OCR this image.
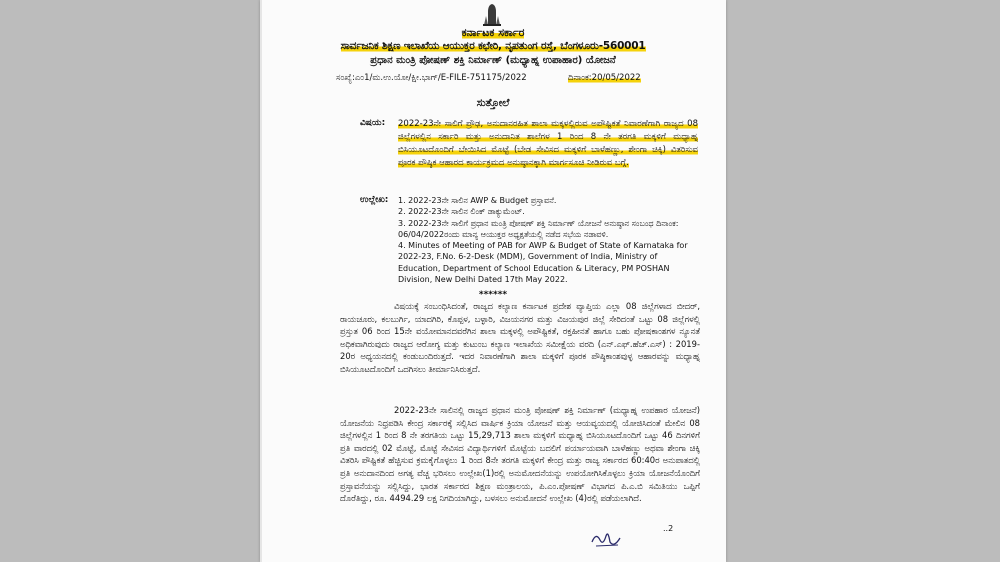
ಕರ್ನಾಟಕ ಸರ್ಕಾರ
ಸಾರ್ವಜನಿಕ ಶಿಕ್ಷಣ ಇಲಾಖೆಯ ಆಯುಕ್ತರ ಕಛೇರಿ, ನೃಪತುಂಗ ರಸ್ತೆ, ಬೆಂಗಳೂರು-560001
ಪ್ರಧಾನ ಮಂತ್ರಿ ಪೋಷಣ್ ಶಕ್ತಿ ನಿರ್ಮಾಣ್ (ಮಧ್ಯಾಹ್ನ ಉಪಾಹಾರ) ಯೋಜನೆ
ಸಂಖ್ಯೆ:ಎಂ1/ಮ.ಉ.ಯೋ/ಕ್ಷೀ.ಭಾಗ್/E-FILE-751175/2022	ದಿನಾಂಕ:20/05/2022
ಸುತ್ತೋಲೆ
ವಿಷಯ: 2022-23ನೇ ಸಾಲಿಗೆ ಪ್ರೌಢ, ಅನುದಾನರಹಿತ ಶಾಲಾ ಮಕ್ಕಳಲ್ಲಿರುವ ಅಪೌಷ್ಟಿಕತೆ ನಿವಾರಣೆಗಾಗಿ ರಾಜ್ಯದ 08 ಜಿಲ್ಲೆಗಳಲ್ಲಿನ ಸರ್ಕಾರಿ ಮತ್ತು ಅನುದಾನಿತ ಶಾಲೆಗಳ 1 ರಿಂದ 8 ನೇ ತರಗತಿ ಮಕ್ಕಳಿಗೆ ಮಧ್ಯಾಹ್ನ ಬಿಸಿಯೂಟದೊಂದಿಗೆ ಬೇಯಿಸಿದ ಮೊಟ್ಟೆ (ಬೇಡ ಸೇವಿಸದ ಮಕ್ಕಳಿಗೆ ಬಾಳೆಹಣ್ಣು, ಶೇಂಗಾ ಚಿಕ್ಕಿ) ವಿತರಿಸುವ ಪೂರಕ ಪೌಷ್ಠಿಕ ಆಹಾರದ ಕಾರ್ಯಕ್ರಮದ ಅನುಷ್ಠಾನಕ್ಕಾಗಿ ಮಾರ್ಗಸೂಚಿ ನೀಡಿರುವ ಬಗ್ಗೆ.
ಉಲ್ಲೇಖ: 1. 2022-23ನೇ ಸಾಲಿನ AWP & Budget ಪ್ರಸ್ತಾವನೆ.
2. 2022-23ನೇ ಸಾಲಿನ ಲಿಂಕ್ ಡಾಕ್ಯುಮೆಂಟ್.
3. 2022-23ನೇ ಸಾಲಿಗೆ ಪ್ರಧಾನ ಮಂತ್ರಿ ಪೋಷಣ್ ಶಕ್ತಿ ನಿರ್ಮಾಣ್ ಯೋಜನೆ ಅನುಷ್ಠಾನ ಸಂಬಂಧ ದಿನಾಂಕ: 06/04/2022ರಂದು ಮಾನ್ಯ ಆಯುಕ್ತರ ಅಧ್ಯಕ್ಷತೆಯಲ್ಲಿ ನಡೆದ ಸಭೆಯ ನಡಾವಳಿ.
4. Minutes of Meeting of PAB for AWP & Budget of State of Karnataka for 2022-23, F.No. 6-2-Desk (MDM), Government of India, Ministry of Education, Department of School Education & Literacy, PM POSHAN Division, New Delhi Dated 17th May 2022.
******
ವಿಷಯಕ್ಕೆ ಸಂಬಂಧಿಸಿದಂತೆ, ರಾಜ್ಯದ ಕಲ್ಯಾಣ ಕರ್ನಾಟಕ ಪ್ರದೇಶ ವ್ಯಾಪ್ತಿಯ ಎಲ್ಲಾ 08 ಜಿಲ್ಲೆಗಳಾದ ಬೀದರ್, ರಾಯಚೂರು, ಕಲಬುರ್ಗಿ, ಯಾದಗಿರಿ, ಕೊಪ್ಪಳ, ಬಳ್ಳಾರಿ, ವಿಜಯನಗರ ಮತ್ತು ವಿಜಯಪುರ ಜಿಲ್ಲೆ ಸೇರಿದಂತೆ ಒಟ್ಟು 08 ಜಿಲ್ಲೆಗಳಲ್ಲಿ ಪ್ರಸ್ತುತ 06 ರಿಂದ 15ನೇ ವಯೋಮಾನದವರೆಗಿನ ಶಾಲಾ ಮಕ್ಕಳಲ್ಲಿ ಅಪೌಷ್ಟಿಕತೆ, ರಕ್ತಹೀನತೆ ಹಾಗೂ ಬಹು ಪೋಷಕಾಂಶಗಳ ನ್ಯೂನತೆ ಅಧಿಕವಾಗಿರುವುದು ರಾಜ್ಯದ ಆರೋಗ್ಯ ಮತ್ತು ಕುಟುಂಬ ಕಲ್ಯಾಣ ಇಲಾಖೆಯ ಸಮೀಕ್ಷೆಯ ವರದಿ (ಎನ್.ಎಫ್.ಹೆಚ್.ಎಸ್) : 2019-20ರ ಅಧ್ಯಯನದಲ್ಲಿ ಕಂಡುಬಂದಿರುತ್ತದೆ. ಇದರ ನಿವಾರಣೆಗಾಗಿ ಶಾಲಾ ಮಕ್ಕಳಿಗೆ ಪೂರಕ ಪೌಷ್ಠಿಕಾಂಶವುಳ್ಳ ಆಹಾರವನ್ನು ಮಧ್ಯಾಹ್ನ ಬಿಸಿಯೂಟದೊಂದಿಗೆ ಒದಗಿಸಲು ತೀರ್ಮಾನಿಸಿರುತ್ತದೆ.
2022-23ನೇ ಸಾಲಿನಲ್ಲಿ ರಾಜ್ಯದ ಪ್ರಧಾನ ಮಂತ್ರಿ ಪೋಷಣ್ ಶಕ್ತಿ ನಿರ್ಮಾಣ್ (ಮಧ್ಯಾಹ್ನ ಉಪಹಾರ ಯೋಜನೆ) ಯೋಜನೆಯ ನಿಧ್ರಪಡಿಸಿ ಕೇಂದ್ರ ಸರ್ಕಾರಕ್ಕೆ ಸಲ್ಲಿಸಿದ ವಾರ್ಷಿಕ ಕ್ರಿಯಾ ಯೋಜನೆ ಮತ್ತು ಆಯವ್ಯಯದಲ್ಲಿ ಯೋಜಿಸಿದಂತೆ ಮೇಲಿನ 08 ಜಿಲ್ಲೆಗಳಲ್ಲಿನ 1 ರಿಂದ 8 ನೇ ತರಗತಿಯ ಒಟ್ಟು 15,29,713 ಶಾಲಾ ಮಕ್ಕಳಿಗೆ ಮಧ್ಯಾಹ್ನ ಬಿಸಿಯೂಟದೊಂದಿಗೆ ಒಟ್ಟು 46 ದಿನಗಳಿಗೆ ಪ್ರತಿ ವಾರದಲ್ಲಿ 02 ಮೊಟ್ಟೆ, ಮೊಟ್ಟೆ ಸೇವಿಸದ ವಿದ್ಯಾರ್ಥಿಗಳಿಗೆ ಮೊಟ್ಟೆಯ ಬದಲಿಗೆ ಪರ್ಯಾಯವಾಗಿ ಬಾಳೆಹಣ್ಣು ಅಥವಾ ಶೇಂಗಾ ಚಿಕ್ಕಿ ವಿತರಿಸಿ ಪೌಷ್ಟಿಕತೆ ಹೆಚ್ಚಿಸುವ ಕ್ರಮಕೈಗೊಳ್ಳಲು 1 ರಿಂದ 8ನೇ ತರಗತಿ ಮಕ್ಕಳಿಗೆ ಕೇಂದ್ರ ಮತ್ತು ರಾಜ್ಯ ಸರ್ಕಾರದ 60:40ರ ಅನುಪಾತದಲ್ಲಿ ಪ್ರತಿ ಅನುದಾನದಿಂದ ಅಗತ್ಯ ವೆಚ್ಚ ಭರಿಸಲು ಉಲ್ಲೇಖ(1)ರಲ್ಲಿ ಅನುಮೋದನೆಯನ್ನು ಉಪಯೋಗಿಸಿಕೊಳ್ಳಲು ಕ್ರಿಯಾ ಯೋಜನೆಯೊಂದಿಗೆ ಪ್ರಸ್ತಾವನೆಯನ್ನು ಸಲ್ಲಿಸಿದ್ದು, ಭಾರತ ಸರ್ಕಾರದ ಶಿಕ್ಷಣ ಮಂತ್ರಾಲಯ, ಪಿ.ಎಂ.ಪೋಷಣ್ ವಿಭಾಗದ ಪಿ.ಎ.ಬಿ ಸಮಿತಿಯು ಒಪ್ಪಿಗೆ ದೊರೆತಿದ್ದು, ರೂ. 4494.29 ಲಕ್ಷ ನಿಗದಿಯಾಗಿದ್ದು, ಬಳಸಲು ಅನುಮೋದನೆ ಉಲ್ಲೇಖ (4)ರಲ್ಲಿ ಪಡೆಯಲಾಗಿದೆ.
..2
